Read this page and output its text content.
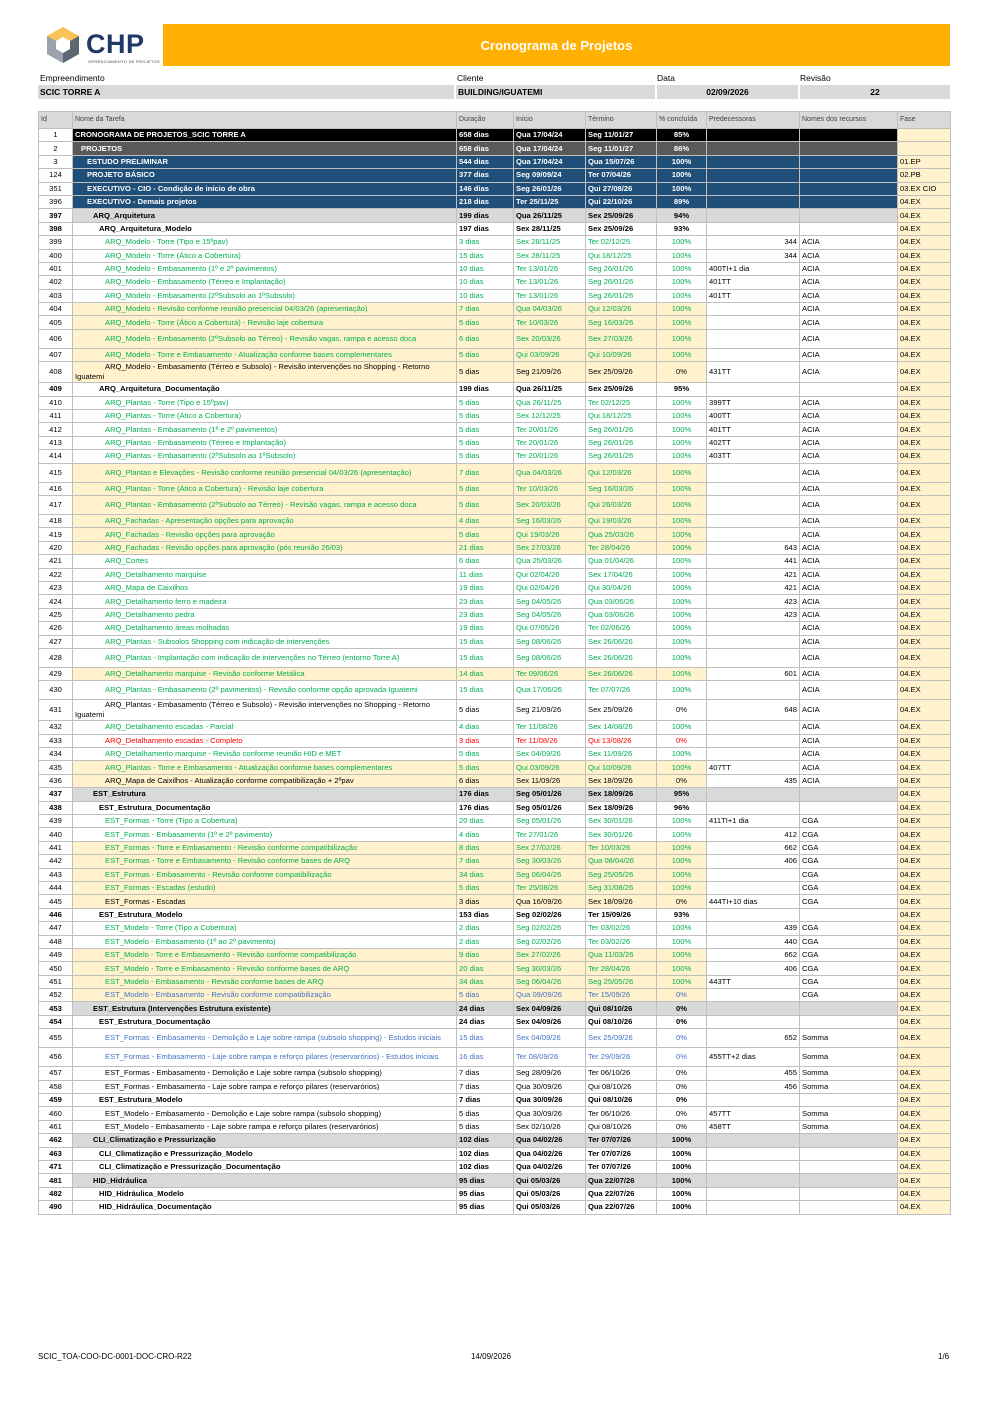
CHP
GERENCIAMENTO DE PROJETOS
Cronograma de Projetos
Empreendimento	Cliente	Data	Revisão
SCIC TORRE A	BUILDING/IGUATEMI	02/09/2026	22
Id	Nome da Tarefa	Duração	Início	Término	% concluída	Predecessoras	Nomes dos recursos	Fase
1	CRONOGRAMA DE PROJETOS_SCIC TORRE A	658 dias	Qua 17/04/24	Seg 11/01/27	85%			
2	PROJETOS	658 dias	Qua 17/04/24	Seg 11/01/27	86%			
3	ESTUDO PRELIMINAR	544 dias	Qua 17/04/24	Qua 15/07/26	100%			01.EP
124	PROJETO BÁSICO	377 dias	Seg 09/09/24	Ter 07/04/26	100%			02.PB
351	EXECUTIVO - CIO - Condição de início de obra	146 dias	Seg 26/01/26	Qui 27/08/26	100%			03.EX CIO
396	EXECUTIVO - Demais projetos	218 dias	Ter 25/11/25	Qui 22/10/26	89%			04.EX
397	ARQ_Arquitetura	199 dias	Qua 26/11/25	Sex 25/09/26	94%			04.EX
398	ARQ_Arquitetura_Modelo	197 dias	Sex 28/11/25	Sex 25/09/26	93%			04.EX
399	ARQ_Modelo - Torre (Tipo e 15ºpav)	3 dias	Sex 28/11/25	Ter 02/12/25	100%	344	ACIA	04.EX
400	ARQ_Modelo - Torre (Ático a Cobertura)	15 dias	Sex 28/11/25	Qui 18/12/25	100%	344	ACIA	04.EX
401	ARQ_Modelo - Embasamento (1º e 2º pavimentos)	10 dias	Ter 13/01/26	Seg 26/01/26	100%	400TI+1 dia	ACIA	04.EX
402	ARQ_Modelo - Embasamento (Térreo e Implantação)	10 dias	Ter 13/01/26	Seg 26/01/26	100%	401TT	ACIA	04.EX
403	ARQ_Modelo - Embasamento (2ºSubsolo ao 1ºSubsolo)	10 dias	Ter 13/01/26	Seg 26/01/26	100%	401TT	ACIA	04.EX
404	ARQ_Modelo - Revisão conforme reunião presencial 04/03/26 (apresentação)	7 dias	Qua 04/03/26	Qui 12/03/26	100%		ACIA	04.EX
405	ARQ_Modelo - Torre (Ático a Cobertura) - Revisão laje cobertura	5 dias	Ter 10/03/26	Seg 16/03/26	100%		ACIA	04.EX
406	ARQ_Modelo - Embasamento (2ºSubsolo ao Térreo) - Revisão vagas, rampa e acesso doca	6 dias	Sex 20/03/26	Sex 27/03/26	100%		ACIA	04.EX
407	ARQ_Modelo - Torre e Embasamento - Atualização conforme bases complementares	5 dias	Qui 03/09/26	Qui 10/09/26	100%		ACIA	04.EX
408	ARQ_Modelo - Embasamento (Térreo e Subsolo) - Revisão intervenções no Shopping - Retorno Iguatemi	5 dias	Seg 21/09/26	Sex 25/09/26	0%	431TT	ACIA	04.EX
409	ARQ_Arquitetura_Documentação	199 dias	Qua 26/11/25	Sex 25/09/26	95%			04.EX
410	ARQ_Plantas - Torre (Tipo e 15ºpav)	5 dias	Qua 26/11/25	Ter 02/12/25	100%	399TT	ACIA	04.EX
411	ARQ_Plantas - Torre (Ático a Cobertura)	5 dias	Sex 12/12/25	Qui 18/12/25	100%	400TT	ACIA	04.EX
412	ARQ_Plantas - Embasamento (1º e 2º pavimentos)	5 dias	Ter 20/01/26	Seg 26/01/26	100%	401TT	ACIA	04.EX
413	ARQ_Plantas - Embasamento (Térreo e Implantação)	5 dias	Ter 20/01/26	Seg 26/01/26	100%	402TT	ACIA	04.EX
414	ARQ_Plantas - Embasamento (2ºSubsolo ao 1ºSubsolo)	5 dias	Ter 20/01/26	Seg 26/01/26	100%	403TT	ACIA	04.EX
415	ARQ_Plantas e Elevações - Revisão conforme reunião presencial 04/03/26 (apresentação)	7 dias	Qua 04/03/26	Qui 12/03/26	100%		ACIA	04.EX
416	ARQ_Plantas - Torre (Ático a Cobertura) - Revisão laje cobertura	5 dias	Ter 10/03/26	Seg 16/03/26	100%		ACIA	04.EX
417	ARQ_Plantas - Embasamento (2ºSubsolo ao Térreo) - Revisão vagas, rampa e acesso doca	5 dias	Sex 20/03/26	Qui 26/03/26	100%		ACIA	04.EX
418	ARQ_Fachadas - Apresentação opções para aprovação	4 dias	Seg 16/03/26	Qui 19/03/26	100%		ACIA	04.EX
419	ARQ_Fachadas - Revisão opções para aprovação	5 dias	Qui 19/03/26	Qua 25/03/26	100%		ACIA	04.EX
420	ARQ_Fachadas - Revisão opções para aprovação (pós reunião 26/03)	21 dias	Sex 27/03/26	Ter 28/04/26	100%	643	ACIA	04.EX
421	ARQ_Cortes	6 dias	Qua 25/03/26	Qua 01/04/26	100%	441	ACIA	04.EX
422	ARQ_Detalhamento marquise	11 dias	Qui 02/04/26	Sex 17/04/26	100%	421	ACIA	04.EX
423	ARQ_Mapa de Caixilhos	19 dias	Qui 02/04/26	Qui 30/04/26	100%	421	ACIA	04.EX
424	ARQ_Detalhamento ferro e madeira	23 dias	Seg 04/05/26	Qua 03/06/26	100%	423	ACIA	04.EX
425	ARQ_Detalhamento pedra	23 dias	Seg 04/05/26	Qua 03/06/26	100%	423	ACIA	04.EX
426	ARQ_Detalhamento áreas molhadas	19 dias	Qui 07/05/26	Ter 02/06/26	100%		ACIA	04.EX
427	ARQ_Plantas - Subsolos Shopping com indicação de intervenções	15 dias	Seg 08/06/26	Sex 26/06/26	100%		ACIA	04.EX
428	ARQ_Plantas - Implantação com indicação de intervenções no Térreo (entorno Torre A)	15 dias	Seg 08/06/26	Sex 26/06/26	100%		ACIA	04.EX
429	ARQ_Detalhamento marquise - Revisão conforme Metálica	14 dias	Ter 09/06/26	Sex 26/06/26	100%	601	ACIA	04.EX
430	ARQ_Plantas - Embasamento (2º pavimentos) - Revisão conforme opção aprovada Iguatemi	15 dias	Qua 17/06/26	Ter 07/07/26	100%		ACIA	04.EX
431	ARQ_Plantas - Embasamento (Térreo e Subsolo) - Revisão intervenções no Shopping - Retorno Iguatemi	5 dias	Seg 21/09/26	Sex 25/09/26	0%	648	ACIA	04.EX
432	ARQ_Detalhamento escadas - Parcial	4 dias	Ter 11/08/26	Sex 14/08/26	100%		ACIA	04.EX
433	ARQ_Detalhamento escadas - Completo	3 dias	Ter 11/08/26	Qui 13/08/26	0%		ACIA	04.EX
434	ARQ_Detalhamento marquise - Revisão conforme reunião HID e MET	5 dias	Sex 04/09/26	Sex 11/09/26	100%		ACIA	04.EX
435	ARQ_Plantas - Torre e Embasamento - Atualização conforme bases complementares	5 dias	Qui 03/09/26	Qui 10/09/26	100%	407TT	ACIA	04.EX
436	ARQ_Mapa de Caixilhos - Atualização conforme compatibilização + 2ºpav	6 dias	Sex 11/09/26	Sex 18/09/26	0%	435	ACIA	04.EX
437	EST_Estrutura	176 dias	Seg 05/01/26	Sex 18/09/26	95%			04.EX
438	EST_Estrutura_Documentação	176 dias	Seg 05/01/26	Sex 18/09/26	96%			04.EX
439	EST_Formas - Torre (Tipo a Cobertura)	20 dias	Seg 05/01/26	Sex 30/01/26	100%	411TI+1 dia	CGA	04.EX
440	EST_Formas - Embasamento (1º e 2º pavimento)	4 dias	Ter 27/01/26	Sex 30/01/26	100%	412	CGA	04.EX
441	EST_Formas - Torre e Embasamento - Revisão conforme compatibilização	8 dias	Sex 27/02/26	Ter 10/03/26	100%	662	CGA	04.EX
442	EST_Formas - Torre e Embasamento - Revisão conforme bases de ARQ	7 dias	Seg 30/03/26	Qua 08/04/26	100%	406	CGA	04.EX
443	EST_Formas - Embasamento - Revisão conforme compatibilização	34 dias	Seg 06/04/26	Seg 25/05/26	100%		CGA	04.EX
444	EST_Formas - Escadas (estudo)	5 dias	Ter 25/08/26	Seg 31/08/26	100%		CGA	04.EX
445	EST_Formas - Escadas	3 dias	Qua 16/09/26	Sex 18/09/26	0%	444TI+10 dias	CGA	04.EX
446	EST_Estrutura_Modelo	153 dias	Seg 02/02/26	Ter 15/09/26	93%			04.EX
447	EST_Modelo - Torre (Tipo a Cobertura)	2 dias	Seg 02/02/26	Ter 03/02/26	100%	439	CGA	04.EX
448	EST_Modelo - Embasamento (1º ao 2º pavimento)	2 dias	Seg 02/02/26	Ter 03/02/26	100%	440	CGA	04.EX
449	EST_Modelo - Torre e Embasamento - Revisão conforme compatibilização	9 dias	Sex 27/02/26	Qua 11/03/26	100%	662	CGA	04.EX
450	EST_Modelo - Torre e Embasamento - Revisão conforme bases de ARQ	20 dias	Seg 30/03/26	Ter 28/04/26	100%	406	CGA	04.EX
451	EST_Modelo - Embasamento - Revisão conforme bases de ARQ	34 dias	Seg 06/04/26	Seg 25/05/26	100%	443TT	CGA	04.EX
452	EST_Modelo - Embasamento - Revisão conforme compatibilização	5 dias	Qua 09/09/26	Ter 15/09/26	0%		CGA	04.EX
453	EST_Estrutura (Intervenções Estrutura existente)	24 dias	Sex 04/09/26	Qui 08/10/26	0%			04.EX
454	EST_Estrutura_Documentação	24 dias	Sex 04/09/26	Qui 08/10/26	0%			04.EX
455	EST_Formas - Embasamento - Demolição e Laje sobre rampa (subsolo shopping) - Estudos iniciais	15 dias	Sex 04/09/26	Sex 25/09/26	0%	652	Somma	04.EX
456	EST_Formas - Embasamento - Laje sobre rampa e reforço pilares (reservarórios) - Estudos iniciais	16 dias	Ter 08/09/26	Ter 29/09/26	0%	455TT+2 dias	Somma	04.EX
457	EST_Formas - Embasamento - Demolição e Laje sobre rampa (subsolo shopping)	7 dias	Seg 28/09/26	Ter 06/10/26	0%	455	Somma	04.EX
458	EST_Formas - Embasamento - Laje sobre rampa e reforço pilares (reservarórios)	7 dias	Qua 30/09/26	Qui 08/10/26	0%	456	Somma	04.EX
459	EST_Estrutura_Modelo	7 dias	Qua 30/09/26	Qui 08/10/26	0%			04.EX
460	EST_Modelo - Embasamento - Demolição e Laje sobre rampa (subsolo shopping)	5 dias	Qua 30/09/26	Ter 06/10/26	0%	457TT	Somma	04.EX
461	EST_Modelo - Embasamento - Laje sobre rampa e reforço pilares (reservarórios)	5 dias	Sex 02/10/26	Qui 08/10/26	0%	458TT	Somma	04.EX
462	CLI_Climatização e Pressurização	102 dias	Qua 04/02/26	Ter 07/07/26	100%			04.EX
463	CLI_Climatização e Pressurização_Modelo	102 dias	Qua 04/02/26	Ter 07/07/26	100%			04.EX
471	CLI_Climatização e Pressurização_Documentação	102 dias	Qua 04/02/26	Ter 07/07/26	100%			04.EX
481	HID_Hidráulica	95 dias	Qui 05/03/26	Qua 22/07/26	100%			04.EX
482	HID_Hidráulica_Modelo	95 dias	Qui 05/03/26	Qua 22/07/26	100%			04.EX
490	HID_Hidráulica_Documentação	95 dias	Qui 05/03/26	Qua 22/07/26	100%			04.EX
SCIC_TOA-COO-DC-0001-DOC-CRO-R22	14/09/2026	1/6
